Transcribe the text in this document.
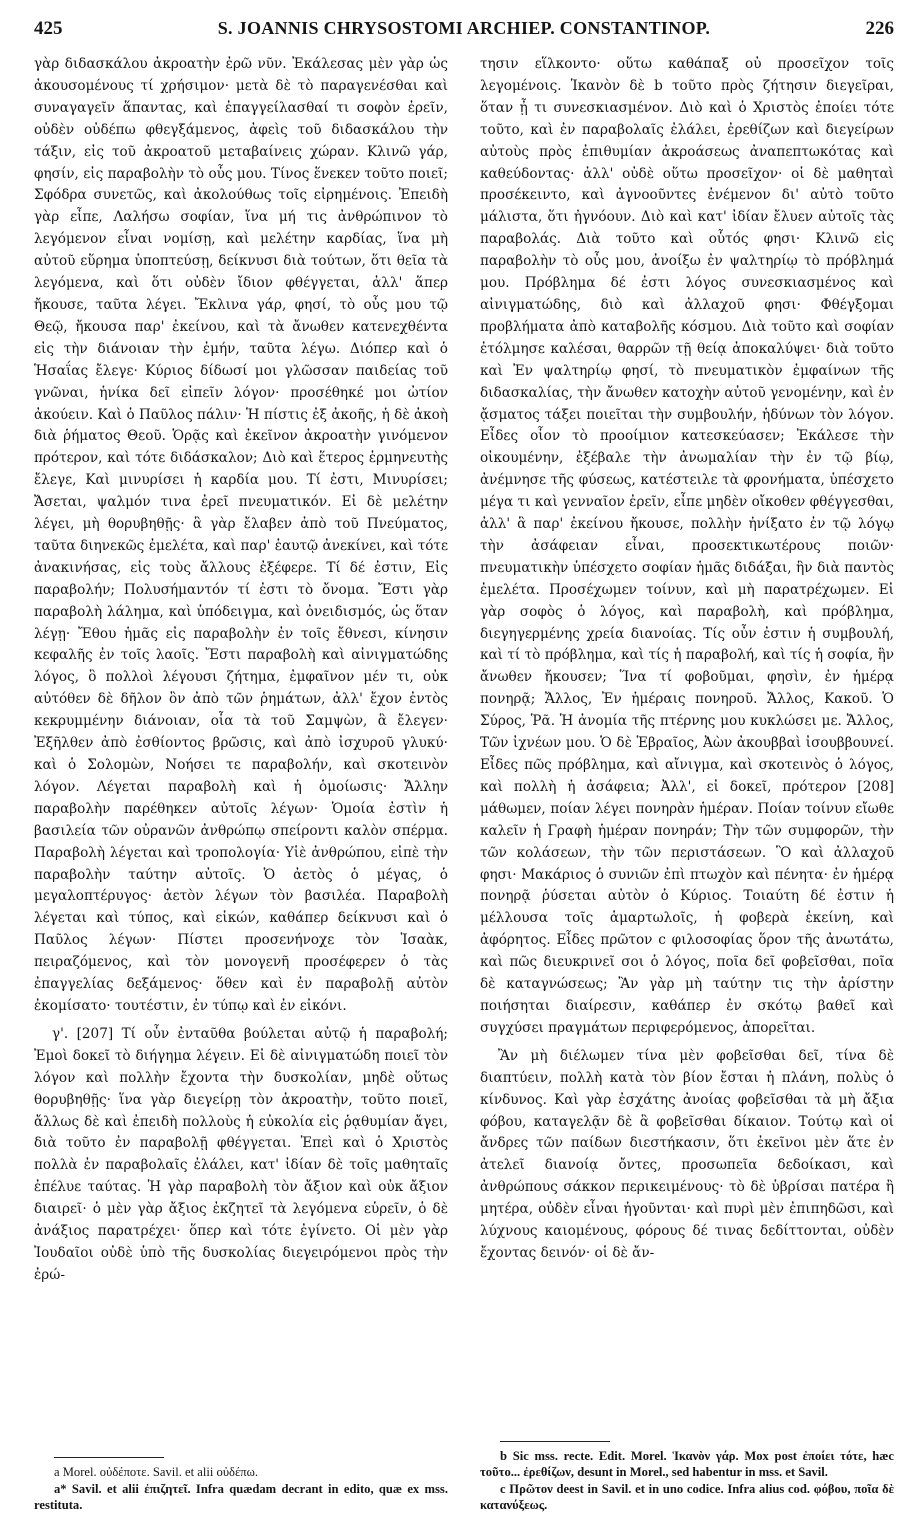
425	S. JOANNIS CHRYSOSTOMI ARCHIEP. CONSTANTINOP.	226

γὰρ διδασκάλου ἀκροατὴν ἐρῶ νῦν. Ἐκάλεσας μὲν γὰρ ὡς ἀκουσομένους τί χρήσιμον· μετὰ δὲ τὸ παραγενέσθαι καὶ συναγαγεῖν ἅπαντας, καὶ ἐπαγγείλασθαί τι σοφὸν ἐρεῖν, οὐδὲν οὐδέπω φθεγξάμενος, ἀφεὶς τοῦ διδασκάλου τὴν τάξιν, εἰς τοῦ ἀκροατοῦ μεταβαίνεις χώραν. Κλινῶ γάρ, φησίν, εἰς παραβολὴν τὸ οὖς μου. Τίνος ἕνεκεν τοῦτο ποιεῖ; Σφόδρα συνετῶς, καὶ ἀκολούθως τοῖς εἰρημένοις. Ἐπειδὴ γὰρ εἶπε, Λαλήσω σοφίαν, ἵνα μή τις ἀνθρώπινον τὸ λεγόμενον εἶναι νομίσῃ, καὶ μελέτην καρδίας, ἵνα μὴ αὐτοῦ εὕρημα ὑποπτεύσῃ, δείκνυσι διὰ τούτων, ὅτι θεῖα τὰ λεγόμενα, καὶ ὅτι οὐδὲν ἴδιον φθέγγεται, ἀλλ' ἅπερ ἤκουσε, ταῦτα λέγει. Ἔκλινα γάρ, φησί, τὸ οὖς μου τῷ Θεῷ, ἤκουσα παρ' ἐκείνου, καὶ τὰ ἄνωθεν κατενεχθέντα εἰς τὴν διάνοιαν τὴν ἐμήν, ταῦτα λέγω. Διόπερ καὶ ὁ Ἡσαΐας ἔλεγε· Κύριος δίδωσί μοι γλῶσσαν παιδείας τοῦ γνῶναι, ἡνίκα δεῖ εἰπεῖν λόγον· προσέθηκέ μοι ὠτίον ἀκούειν. Καὶ ὁ Παῦλος πάλιν· Ἡ πίστις ἐξ ἀκοῆς, ἡ δὲ ἀκοὴ διὰ ῥήματος Θεοῦ. Ὁρᾷς καὶ ἐκεῖνον ἀκροατὴν γινόμενον πρότερον, καὶ τότε διδάσκαλον; Διὸ καὶ ἕτερος ἑρμηνευτὴς ἔλεγε, Καὶ μινυρίσει ἡ καρδία μου. Τί ἐστι, Μινυρίσει; Ἄσεται, ψαλμόν τινα ἐρεῖ πνευματικόν. Εἰ δὲ μελέτην λέγει, μὴ θορυβηθῇς· ἃ γὰρ ἔλαβεν ἀπὸ τοῦ Πνεύματος, ταῦτα διηνεκῶς ἐμελέτα, καὶ παρ' ἑαυτῷ ἀνεκίνει, καὶ τότε ἀνακινήσας, εἰς τοὺς ἄλλους ἐξέφερε. Τί δέ ἐστιν, Εἰς παραβολήν; Πολυσήμαντόν τί ἐστι τὸ ὄνομα. Ἔστι γὰρ παραβολὴ λάλημα, καὶ ὑπόδειγμα, καὶ ὀνειδισμός, ὡς ὅταν λέγῃ· Ἔθου ἡμᾶς εἰς παραβολὴν ἐν τοῖς ἔθνεσι, κίνησιν κεφαλῆς ἐν τοῖς λαοῖς. Ἔστι παραβολὴ καὶ αἰνιγματώδης λόγος, ὃ πολλοὶ λέγουσι ζήτημα, ἐμφαῖνον μέν τι, οὐκ αὐτόθεν δὲ δῆλον ὂν ἀπὸ τῶν ῥημάτων, ἀλλ' ἔχον ἐντὸς κεκρυμμένην διάνοιαν, οἷα τὰ τοῦ Σαμψὼν, ἃ ἔλεγεν· Ἐξῆλθεν ἀπὸ ἐσθίοντος βρῶσις, καὶ ἀπὸ ἰσχυροῦ γλυκύ· καὶ ὁ Σολομὼν, Νοήσει τε παραβολήν, καὶ σκοτεινὸν λόγον. Λέγεται παραβολὴ καὶ ἡ ὁμοίωσις· Ἄλλην παραβολὴν παρέθηκεν αὐτοῖς λέγων· Ὁμοία ἐστὶν ἡ βασιλεία τῶν οὐρανῶν ἀνθρώπῳ σπείροντι καλὸν σπέρμα. Παραβολὴ λέγεται καὶ τροπολογία· Υἱὲ ἀνθρώπου, εἰπὲ τὴν παραβολὴν ταύτην αὐτοῖς. Ὁ ἀετὸς ὁ μέγας, ὁ μεγαλοπτέρυγος· ἀετὸν λέγων τὸν βασιλέα. Παραβολὴ λέγεται καὶ τύπος, καὶ εἰκών, καθάπερ δείκνυσι καὶ ὁ Παῦλος λέγων· Πίστει προσενήνοχε τὸν Ἰσαὰκ, πειραζόμενος, καὶ τὸν μονογενῆ προσέφερεν ὁ τὰς ἐπαγγελίας δεξάμενος· ὅθεν καὶ ἐν παραβολῇ αὐτὸν ἐκομίσατο· τουτέστιν, ἐν τύπῳ καὶ ἐν εἰκόνι.

γ'. [207] Τί οὖν ἐνταῦθα βούλεται αὐτῷ ἡ παραβολή; Ἐμοὶ δοκεῖ τὸ διήγημα λέγειν. Εἰ δὲ αἰνιγματώδη ποιεῖ τὸν λόγον καὶ πολλὴν ἔχοντα τὴν δυσκολίαν, μηδὲ οὕτως θορυβηθῇς· ἵνα γὰρ διεγείρῃ τὸν ἀκροατὴν, τοῦτο ποιεῖ, ἄλλως δὲ καὶ ἐπειδὴ πολλοὺς ἡ εὐκολία εἰς ῥᾳθυμίαν ἄγει, διὰ τοῦτο ἐν παραβολῇ φθέγγεται. Ἐπεὶ καὶ ὁ Χριστὸς πολλὰ ἐν παραβολαῖς ἐλάλει, κατ' ἰδίαν δὲ τοῖς μαθηταῖς ἐπέλυε ταύτας. Ἡ γὰρ παραβολὴ τὸν ἄξιον καὶ οὐκ ἄξιον διαιρεῖ· ὁ μὲν γὰρ ἄξιος ἐκζητεῖ τὰ λεγόμενα εὑρεῖν, ὁ δὲ ἀνάξιος παρατρέχει· ὅπερ καὶ τότε ἐγίνετο. Οἱ μὲν γὰρ Ἰουδαῖοι οὐδὲ ὑπὸ τῆς δυσκολίας διεγειρόμενοι πρὸς τὴν ἐρώ-

a Morel. οὐδέποτε. Savil. et alii οὐδέπω.

a* Savil. et alii ἐπιζητεῖ. Infra quædam decrant in edito, quæ ex mss. restituta.

τησιν εἵλκοντο· οὕτω καθάπαξ οὐ προσεῖχον τοῖς λεγομένοις. Ἱκανὸν δὲ b τοῦτο πρὸς ζήτησιν διεγεῖραι, ὅταν ᾖ τι συνεσκιασμένον. Διὸ καὶ ὁ Χριστὸς ἐποίει τότε τοῦτο, καὶ ἐν παραβολαῖς ἐλάλει, ἐρεθίζων καὶ διεγείρων αὐτοὺς πρὸς ἐπιθυμίαν ἀκροάσεως ἀναπεπτωκότας καὶ καθεύδοντας· ἀλλ' οὐδὲ οὕτω προσεῖχον· οἱ δὲ μαθηταὶ προσέκειντο, καὶ ἀγνοοῦντες ἐνέμενον δι' αὐτὸ τοῦτο μάλιστα, ὅτι ἠγνόουν. Διὸ καὶ κατ' ἰδίαν ἔλυεν αὐτοῖς τὰς παραβολάς. Διὰ τοῦτο καὶ οὗτός φησι· Κλινῶ εἰς παραβολὴν τὸ οὖς μου, ἀνοίξω ἐν ψαλτηρίῳ τὸ πρόβλημά μου. Πρόβλημα δέ ἐστι λόγος συνεσκιασμένος καὶ αἰνιγματώδης, διὸ καὶ ἀλλαχοῦ φησι· Φθέγξομαι προβλήματα ἀπὸ καταβολῆς κόσμου. Διὰ τοῦτο καὶ σοφίαν ἐτόλμησε καλέσαι, θαρρῶν τῇ θείᾳ ἀποκαλύψει· διὰ τοῦτο καὶ Ἐν ψαλτηρίῳ φησί, τὸ πνευματικὸν ἐμφαίνων τῆς διδασκαλίας, τὴν ἄνωθεν κατοχὴν αὐτοῦ γενομένην, καὶ ἐν ᾄσματος τάξει ποιεῖται τὴν συμβουλήν, ἡδύνων τὸν λόγον. Εἶδες οἷον τὸ προοίμιον κατεσκεύασεν; Ἐκάλεσε τὴν οἰκουμένην, ἐξέβαλε τὴν ἀνωμαλίαν τὴν ἐν τῷ βίῳ, ἀνέμνησε τῆς φύσεως, κατέστειλε τὰ φρονήματα, ὑπέσχετο μέγα τι καὶ γενναῖον ἐρεῖν, εἶπε μηδὲν οἴκοθεν φθέγγεσθαι, ἀλλ' ἃ παρ' ἐκείνου ἤκουσε, πολλὴν ἠνίξατο ἐν τῷ λόγῳ τὴν ἀσάφειαν εἶναι, προσεκτικωτέρους ποιῶν· πνευματικὴν ὑπέσχετο σοφίαν ἡμᾶς διδάξαι, ἣν διὰ παντὸς ἐμελέτα. Προσέχωμεν τοίνυν, καὶ μὴ παρατρέχωμεν. Εἰ γὰρ σοφὸς ὁ λόγος, καὶ παραβολὴ, καὶ πρόβλημα, διεγηγερμένης χρεία διανοίας. Τίς οὖν ἐστιν ἡ συμβουλή, καὶ τί τὸ πρόβλημα, καὶ τίς ἡ παραβολή, καὶ τίς ἡ σοφία, ἣν ἄνωθεν ἤκουσεν; Ἵνα τί φοβοῦμαι, φησὶν, ἐν ἡμέρᾳ πονηρᾷ; Ἄλλος, Ἐν ἡμέραις πονηροῦ. Ἄλλος, Κακοῦ. Ὁ Σύρος, Ῥᾶ. Ἡ ἀνομία τῆς πτέρνης μου κυκλώσει με. Ἄλλος, Τῶν ἰχνέων μου. Ὁ δὲ Ἑβραῖος, Ἀὼν ἀκουββαὶ ἰσουββουνεί. Εἶδες πῶς πρόβλημα, καὶ αἴνιγμα, καὶ σκοτεινὸς ὁ λόγος, καὶ πολλὴ ἡ ἀσάφεια; Ἀλλ', εἰ δοκεῖ, πρότερον [208] μάθωμεν, ποίαν λέγει πονηρὰν ἡμέραν. Ποίαν τοίνυν εἴωθε καλεῖν ἡ Γραφὴ ἡμέραν πονηράν; Τὴν τῶν συμφορῶν, τὴν τῶν κολάσεων, τὴν τῶν περιστάσεων. Ὃ καὶ ἀλλαχοῦ φησι· Μακάριος ὁ συνιῶν ἐπὶ πτωχὸν καὶ πένητα· ἐν ἡμέρᾳ πονηρᾷ ῥύσεται αὐτὸν ὁ Κύριος. Τοιαύτη δέ ἐστιν ἡ μέλλουσα τοῖς ἁμαρτωλοῖς, ἡ φοβερὰ ἐκείνη, καὶ ἀφόρητος. Εἶδες πρῶτον c φιλοσοφίας ὅρον τῆς ἀνωτάτω, καὶ πῶς διευκρινεῖ σοι ὁ λόγος, ποῖα δεῖ φοβεῖσθαι, ποῖα δὲ καταγνώσεως; Ἂν γὰρ μὴ ταύτην τις τὴν ἀρίστην ποιήσηται διαίρεσιν, καθάπερ ἐν σκότῳ βαθεῖ καὶ συγχύσει πραγμάτων περιφερόμενος, ἀπορεῖται.

Ἂν μὴ διέλωμεν τίνα μὲν φοβεῖσθαι δεῖ, τίνα δὲ διαπτύειν, πολλὴ κατὰ τὸν βίον ἔσται ἡ πλάνη, πολὺς ὁ κίνδυνος. Καὶ γὰρ ἐσχάτης ἀνοίας φοβεῖσθαι τὰ μὴ ἄξια φόβου, καταγελᾷν δὲ ἃ φοβεῖσθαι δίκαιον. Τούτῳ καὶ οἱ ἄνδρες τῶν παίδων διεστήκασιν, ὅτι ἐκεῖνοι μὲν ἅτε ἐν ἀτελεῖ διανοίᾳ ὄντες, προσωπεῖα δεδοίκασι, καὶ ἀνθρώπους σάκκον περικειμένους· τὸ δὲ ὑβρίσαι πατέρα ἢ μητέρα, οὐδὲν εἶναι ἡγοῦνται· καὶ πυρὶ μὲν ἐπιπηδῶσι, καὶ λύχνους καιομένους, φόρους δέ τινας δεδίττονται, οὐδὲν ἔχοντας δεινόν· οἱ δὲ ἄν-

b Sic mss. recte. Edit. Morel. Ἱκανὸν γάρ. Mox post ἐποίει τότε, hæc τοῦτο... ἐρεθίζων, desunt in Morel., sed habentur in mss. et Savil.

c Πρῶτον deest in Savil. et in uno codice. Infra alius cod. φόβου, ποῖα δὲ κατανύξεως.
